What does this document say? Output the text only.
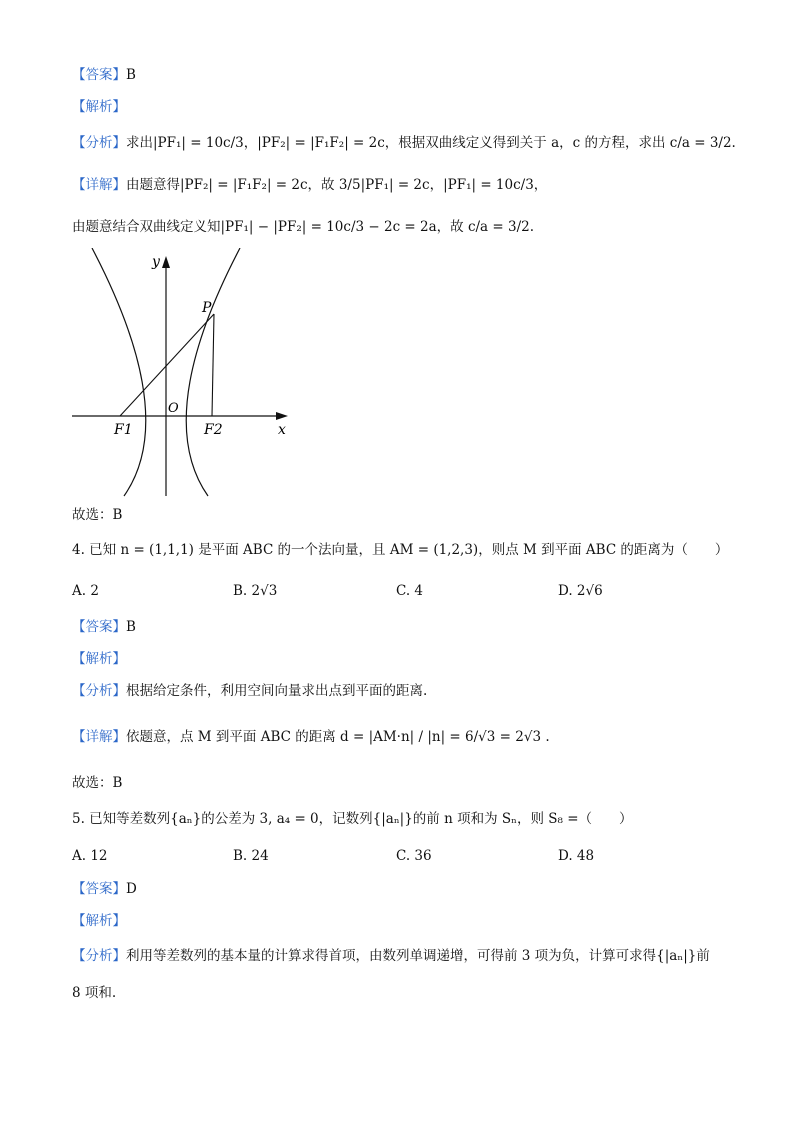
【答案】B
【解析】
【分析】求出|PF₁| = 10c/3，|PF₂| = |F₁F₂| = 2c，根据双曲线定义得到关于 a，c 的方程，求出 c/a = 3/2.
【详解】由题意得|PF₂| = |F₁F₂| = 2c，故 3/5|PF₁| = 2c，|PF₁| = 10c/3，
由题意结合双曲线定义知|PF₁| − |PF₂| = 10c/3 − 2c = 2a，故 c/a = 3/2.
y
x
O
P
F1	F2
故选：B
4. 已知 n = (1,1,1) 是平面 ABC 的一个法向量，且 AM = (1,2,3)，则点 M 到平面 ABC 的距离为（　　）
A. 2	B. 2√3	C. 4	D. 2√6
【答案】B
【解析】
【分析】根据给定条件，利用空间向量求出点到平面的距离.
【详解】依题意，点 M 到平面 ABC 的距离 d = |AM·n| / |n| = 6/√3 = 2√3 .
故选：B
5. 已知等差数列{aₙ}的公差为 3, a₄ = 0，记数列{|aₙ|}的前 n 项和为 Sₙ，则 S₈ =（　　）
A. 12	B. 24	C. 36	D. 48
【答案】D
【解析】
【分析】利用等差数列的基本量的计算求得首项，由数列单调递增，可得前 3 项为负，计算可求得{|aₙ|}前
8 项和.
